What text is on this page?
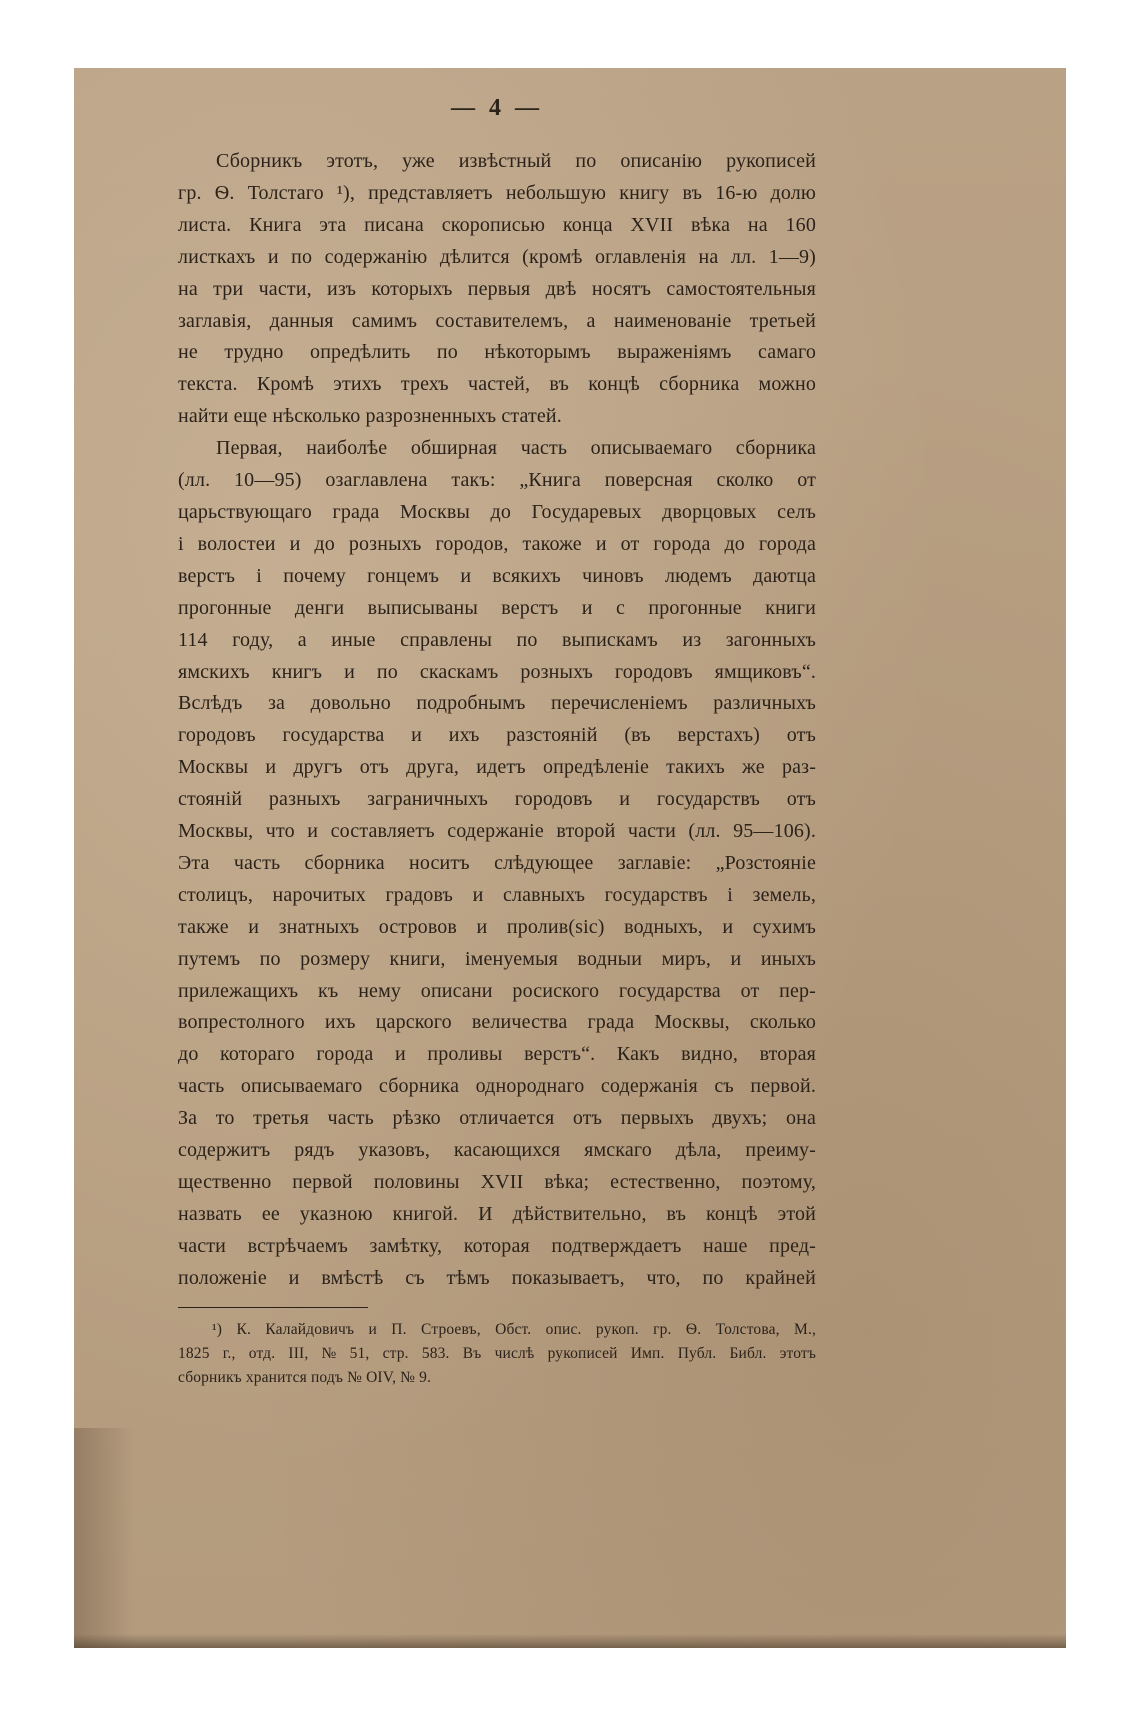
— 4 —
Сборникъ этотъ, уже извѣстный по описанію рукописей
гр. Ѳ. Толстаго ¹), представляетъ небольшую книгу въ 16-ю долю
листа. Книга эта писана скорописью конца XVII вѣка на 160
листкахъ и по содержанію дѣлится (кромѣ оглавленія на лл. 1—9)
на три части, изъ которыхъ первыя двѣ носятъ самостоятельныя
заглавія, данныя самимъ составителемъ, а наименованіе третьей
не трудно опредѣлить по нѣкоторымъ выраженіямъ самаго
текста. Кромѣ этихъ трехъ частей, въ концѣ сборника можно
найти еще нѣсколько разрозненныхъ статей.
Первая, наиболѣе обширная часть описываемаго сборника
(лл. 10—95) озаглавлена такъ: „Книга поверсная сколко от
царьствующаго града Москвы до Государевых дворцовых селъ
і волостеи и до розныхъ городов, такоже и от города до города
верстъ і почему гонцемъ и всякихъ чиновъ людемъ даютца
прогонные денги выписываны верстъ и с прогонные книги
114 году, а иные справлены по выпискамъ из загонныхъ
ямскихъ книгъ и по скаскамъ розныхъ городовъ ямщиковъ“.
Вслѣдъ за довольно подробнымъ перечисленіемъ различныхъ
городовъ государства и ихъ разстояній (въ верстахъ) отъ
Москвы и другъ отъ друга, идетъ опредѣленіе такихъ же раз-
стояній разныхъ заграничныхъ городовъ и государствъ отъ
Москвы, что и составляетъ содержаніе второй части (лл. 95—106).
Эта часть сборника носитъ слѣдующее заглавіе: „Розстояніе
столицъ, нарочитых градовъ и славныхъ государствъ і земель,
также и знатныхъ островов и пролив(sic) водныхъ, и сухимъ
путемъ по розмеру книги, іменуемыя водныи миръ, и иныхъ
прилежащихъ къ нему описани росиского государства от пер-
вопрестолного ихъ царского величества града Москвы, сколько
до котораго города и проливы верстъ“. Какъ видно, вторая
часть описываемаго сборника однороднаго содержанія съ первой.
За то третья часть рѣзко отличается отъ первыхъ двухъ; она
содержитъ рядъ указовъ, касающихся ямскаго дѣла, преиму-
щественно первой половины XVII вѣка; естественно, поэтому,
назвать ее указною книгой. И дѣйствительно, въ концѣ этой
части встрѣчаемъ замѣтку, которая подтверждаетъ наше пред-
положеніе и вмѣстѣ съ тѣмъ показываетъ, что, по крайней
¹) К. Калайдовичъ и П. Строевъ, Обст. опис. рукоп. гр. Ѳ. Толстова, М.,
1825 г., отд. III, № 51, стр. 583. Въ числѣ рукописей Имп. Публ. Библ. этотъ
сборникъ хранится подъ № OIV, № 9.
